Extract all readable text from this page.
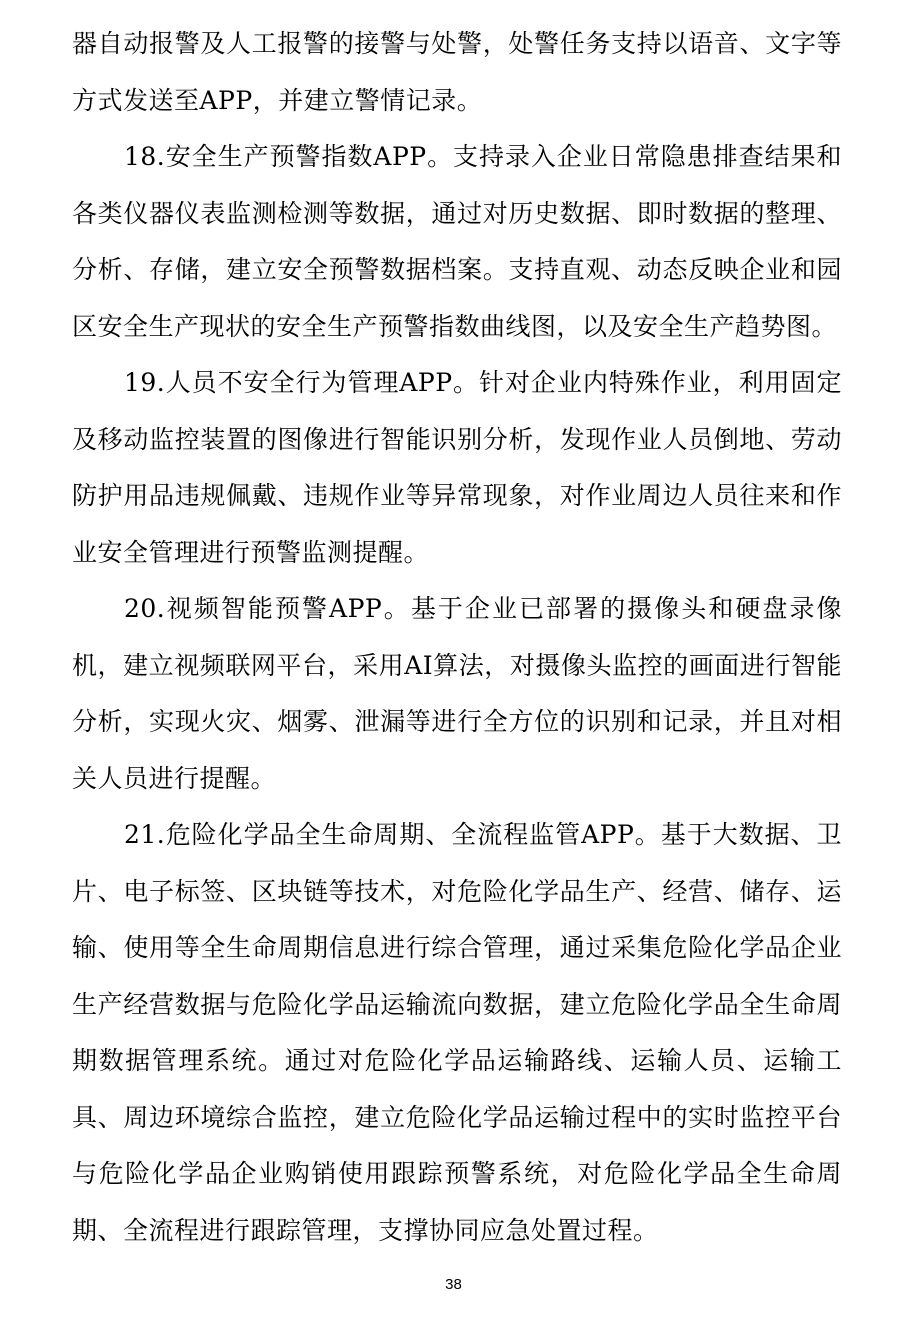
器自动报警及人工报警的接警与处警，处警任务支持以语音、文字等方式发送至APP，并建立警情记录。

18.安全生产预警指数APP。支持录入企业日常隐患排查结果和各类仪器仪表监测检测等数据，通过对历史数据、即时数据的整理、分析、存储，建立安全预警数据档案。支持直观、动态反映企业和园区安全生产现状的安全生产预警指数曲线图，以及安全生产趋势图。

19.人员不安全行为管理APP。针对企业内特殊作业，利用固定及移动监控装置的图像进行智能识别分析，发现作业人员倒地、劳动防护用品违规佩戴、违规作业等异常现象，对作业周边人员往来和作业安全管理进行预警监测提醒。

20.视频智能预警APP。基于企业已部署的摄像头和硬盘录像机，建立视频联网平台，采用AI算法，对摄像头监控的画面进行智能分析，实现火灾、烟雾、泄漏等进行全方位的识别和记录，并且对相关人员进行提醒。

21.危险化学品全生命周期、全流程监管APP。基于大数据、卫片、电子标签、区块链等技术，对危险化学品生产、经营、储存、运输、使用等全生命周期信息进行综合管理，通过采集危险化学品企业生产经营数据与危险化学品运输流向数据，建立危险化学品全生命周期数据管理系统。通过对危险化学品运输路线、运输人员、运输工具、周边环境综合监控，建立危险化学品运输过程中的实时监控平台与危险化学品企业购销使用跟踪预警系统，对危险化学品全生命周期、全流程进行跟踪管理，支撑协同应急处置过程。

38
